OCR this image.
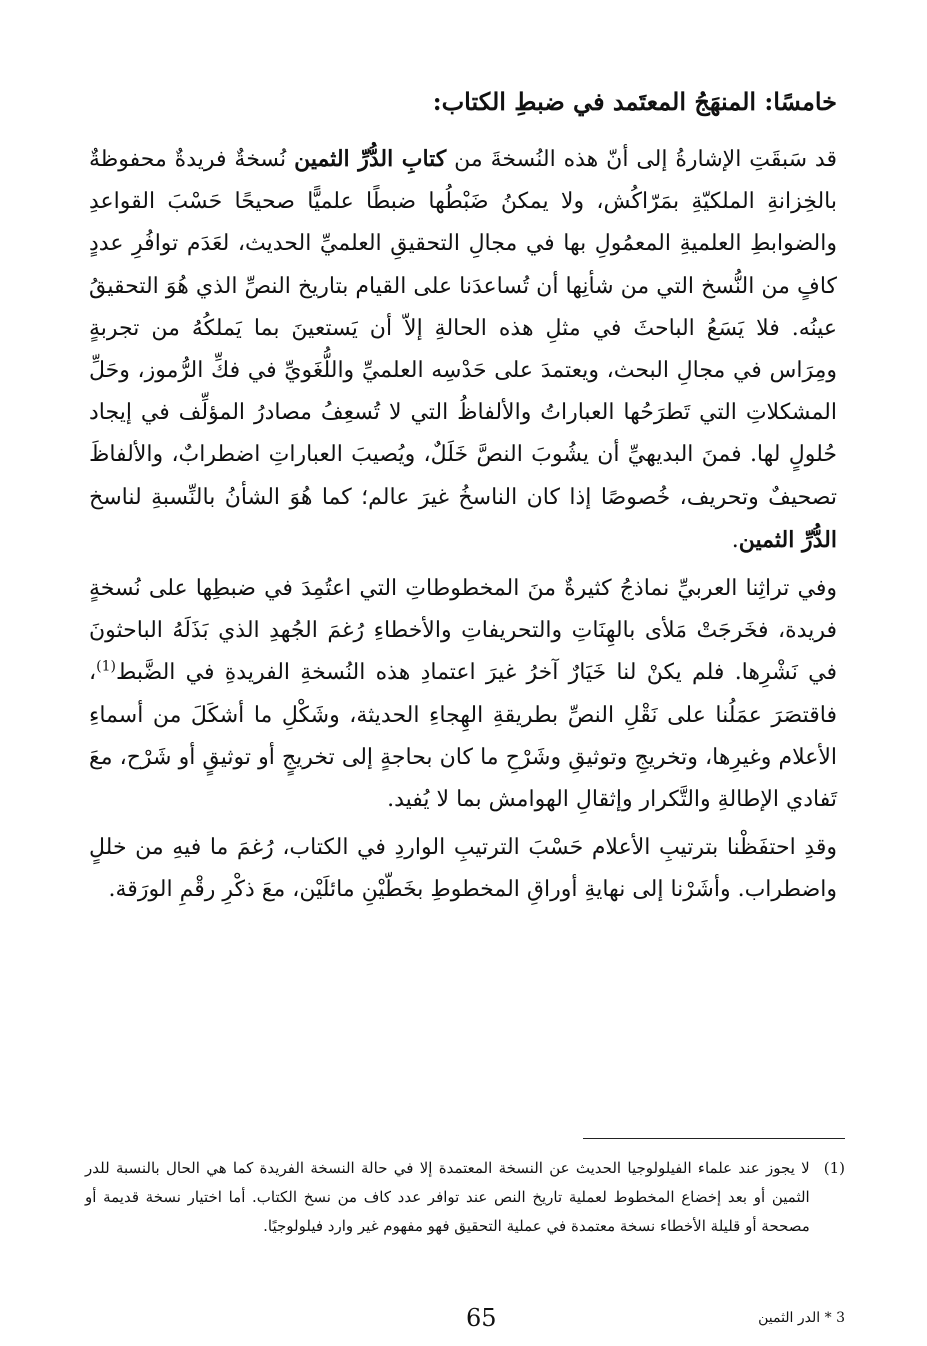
خامسًا: المنهَجُ المعتَمد في ضبطِ الكتاب:

قد سَبقَتِ الإشارةُ إلى أنّ هذه النُسخةَ من كتابِ الدُّرِّ الثمين نُسخةٌ فريدةٌ محفوظةٌ بالخِزانةِ الملكيّةِ بمَرّاكُش، ولا يمكنُ ضَبْطُها ضبطًا علميًّا صحيحًا حَسْبَ القواعدِ والضوابطِ العلميةِ المعمُولِ بها في مجالِ التحقيقِ العلميِّ الحديث، لعَدَم توافُرِ عددٍ كافٍ من النُّسخ التي من شأنِها أن تُساعدَنا على القيام بتاريخ النصِّ الذي هُوَ التحقيقُ عينُه. فلا يَسَعُ الباحثَ في مثلِ هذه الحالةِ إلاّ أن يَستعينَ بما يَملكُهُ من تجربةٍ ومِرَاس في مجالِ البحث، ويعتمدَ على حَدْسِه العلميِّ واللُّغَويِّ في فكِّ الرُّموز، وحَلِّ المشكلاتِ التي تَطرَحُها العباراتُ والألفاظُ التي لا تُسعِفُ مصادرُ المؤلِّف في إيجاد حُلولٍ لها. فمنَ البديهيِّ أن يشُوبَ النصَّ خَلَلٌ، ويُصيبَ العباراتِ اضطرابٌ، والألفاظَ تصحيفٌ وتحريف، خُصوصًا إذا كان الناسخُ غيرَ عالم؛ كما هُوَ الشأنُ بالنِّسبةِ لناسخ الدُّرِّ الثمين.

وفي تراثِنا العربيِّ نماذجُ كثيرةٌ منَ المخطوطاتِ التي اعتُمِدَ في ضبطِها على نُسخةٍ فريدة، فخَرجَتْ مَلأى بالهِنَاتِ والتحريفاتِ والأخطاءِ رُغمَ الجُهدِ الذي بَذَلَهُ الباحثونَ في نَشْرِها. فلم يكنْ لنا خَيَارٌ آخرُ غيرَ اعتمادِ هذه النُسخةِ الفريدةِ في الضَّبط$^{(1)}$، فاقتصَرَ عمَلُنا على نَقْلِ النصِّ بطريقةِ الهِجاءِ الحديثة، وشَكْلِ ما أشكَلَ من أسماءِ الأعلام وغيرِها، وتخريجِ وتوثيقِ وشَرْحِ ما كان بحاجةٍ إلى تخريجٍ أو توثيقٍ أو شَرْح، معَ تَفادي الإطالةِ والتَّكرار وإثقالِ الهوامش بما لا يُفيد.

وقدِ احتفَظْنا بترتيبِ الأعلام حَسْبَ الترتيبِ الواردِ في الكتاب، رُغمَ ما فيهِ من خللٍ واضطراب. وأشَرْنا إلى نهايةِ أوراقِ المخطوطِ بخَطّيْنِ مائلَيْن، معَ ذكْرِ رقْمِ الورَقة.

(1)

لا يجوز عند علماء الفيلولوجيا الحديث عن النسخة المعتمدة إلا في حالة النسخة الفريدة كما هي الحال بالنسبة للدر الثمين أو بعد إخضاع المخطوط لعملية تاريخ النص عند توافر عدد كاف من نسخ الكتاب. أما اختيار نسخة قديمة أو مصححة أو قليلة الأخطاء نسخة معتمدة في عملية التحقيق فهو مفهوم غير وارد فيلولوجيًا.

65	3 * الدر الثمين
